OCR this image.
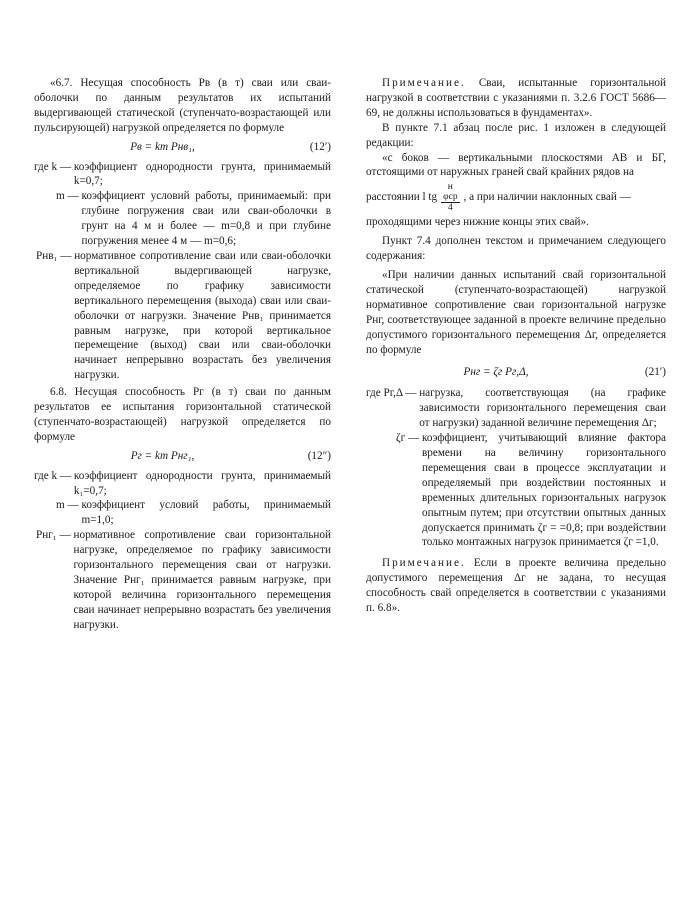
«6.7. Несущая способность Pв (в т) сваи или сваи-оболочки по данным результатов их испытаний выдергивающей статической (ступенчато-возрастающей или пульсирующей) нагрузкой определяется по формуле

Pв = km Pнв₁,	(12′)
где k —
коэффициент однородности грунта, принимаемый k=0,7;
m —
коэффициент условий работы, принимаемый: при глубине погружения сваи или сваи-оболочки в грунт на 4 м и более — m=0,8 и при глубине погружения менее 4 м — m=0,6;
Pнв₁ —
нормативное сопротивление сваи или сваи-оболочки вертикальной выдергивающей нагрузке, определяемое по графику зависимости вертикального перемещения (выхода) сваи или сваи-оболочки от нагрузки. Значение Pнв₁ принимается равным нагрузке, при которой вертикальное перемещение (выход) сваи или сваи-оболочки начинает непрерывно возрастать без увеличения нагрузки.

6.8. Несущая способность Pг (в т) сваи по данным результатов ее испытания горизонтальной статической (ступенчато-возрастающей) нагрузкой определяется по формуле

Pг = km Pнг₁,	(12″)
где k —
коэффициент однородности грунта, принимаемый k₁=0,7;
m —
коэффициент условий работы, принимаемый m=1,0;
Pнг₁ —
нормативное сопротивление сваи горизонтальной нагрузке, определяемое по графику зависимости горизонтального перемещения сваи от нагрузки. Значение Pнг₁ принимается равным нагрузке, при которой величина горизонтального перемещения сваи начинает непрерывно возрастать без увеличения нагрузки.

Примечание. Сваи, испытанные горизонтальной нагрузкой в соответствии с указаниями п. 3.2.6 ГОСТ 5686—69, не должны использоваться в фундаментах».

В пункте 7.1 абзац после рис. 1 изложен в следующей редакции:

«с боков — вертикальными плоскостями АВ и БГ, отстоящими от наружных граней свай крайних рядов на

расстоянии l tg
н
φср
4
, а при наличии наклонных свай —

проходящими через нижние концы этих свай».

Пункт 7.4 дополнен текстом и примечанием следующего содержания:

«При наличии данных испытаний свай горизонтальной статической (ступенчато-возрастающей) нагрузкой нормативное сопротивление сваи горизонтальной нагрузке Pнг, соответствующее заданной в проекте величине предельно допустимого горизонтального перемещения Δг, определяется по формуле

Pнг = ζг Pг,Δ,	(21′)
где Pг,Δ —
нагрузка, соответствующая (на графике зависимости горизонтального перемещения сваи от нагрузки) заданной величине перемещения Δг;
ζг —
коэффициент, учитывающий влияние фактора времени на величину горизонтального перемещения сваи в процессе эксплуатации и определяемый при воздействии постоянных и временных длительных горизонтальных нагрузок опытным путем; при отсутствии опытных данных допускается принимать ζг = =0,8; при воздействии только монтажных нагрузок принимается ζг =1,0.

Примечание. Если в проекте величина предельно допустимого перемещения Δг не задана, то несущая способность свай определяется в соответствии с указаниями п. 6.8».
